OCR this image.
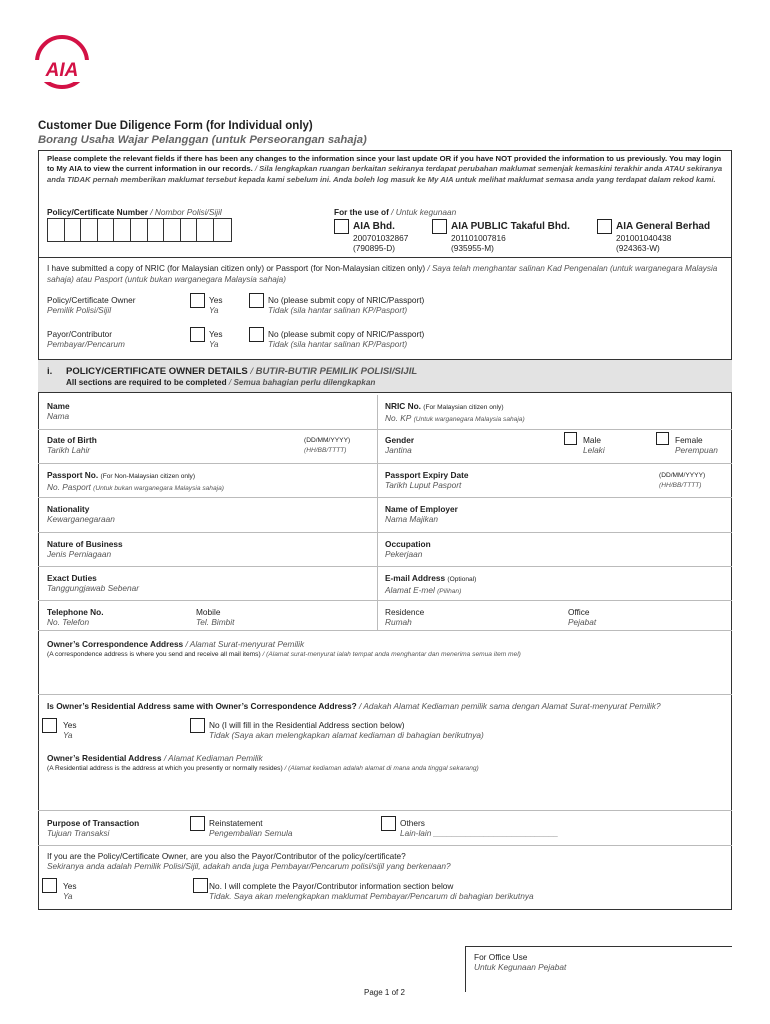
AIA
Customer Due Diligence Form (for Individual only)
Borang Usaha Wajar Pelanggan (untuk Perseorangan sahaja)
Please complete the relevant fields if there has been any changes to the information since your last update OR if you have NOT provided the information to us previously. You may login to My AIA to view the current information in our records. / Sila lengkapkan ruangan berkaitan sekiranya terdapat perubahan maklumat semenjak kemaskini terakhir anda ATAU sekiranya anda TIDAK pernah memberikan maklumat tersebut kepada kami sebelum ini. Anda boleh log masuk ke My AIA untuk melihat maklumat semasa anda yang terdapat dalam rekod kami.
Policy/Certificate Number / Nombor Polisi/Sijil	For the use of / Untuk kegunaan
AIA Bhd.
200701032867
(790895-D)
AIA PUBLIC Takaful Bhd.
201101007816
(935955-M)
AIA General Berhad
201001040438
(924363-W)
I have submitted a copy of NRIC (for Malaysian citizen only) or Passport (for Non-Malaysian citizen only) / Saya telah menghantar salinan Kad Pengenalan (untuk warganegara Malaysia sahaja) atau Pasport (untuk bukan warganegara Malaysia sahaja)
Policy/Certificate Owner
Pemilik Polisi/Sijil
Yes
Ya
No (please submit copy of NRIC/Passport)
Tidak (sila hantar salinan KP/Pasport)
Payor/Contributor
Pembayar/Pencarum
Yes
Ya
No (please submit copy of NRIC/Passport)
Tidak (sila hantar salinan KP/Pasport)
i. POLICY/CERTIFICATE OWNER DETAILS / BUTIR-BUTIR PEMILIK POLISI/SIJIL
All sections are required to be completed / Semua bahagian perlu dilengkapkan
Name
Nama
NRIC No. (For Malaysian citizen only)
No. KP (Untuk warganegara Malaysia sahaja)
Date of Birth
Tarikh Lahir
(DD/MM/YYYY)
(HH/BB/TTTT)
Gender
Jantina
Male
Lelaki
Female
Perempuan
Passport No. (For Non-Malaysian citizen only)
No. Pasport (Untuk bukan warganegara Malaysia sahaja)
Passport Expiry Date
Tarikh Luput Pasport
(DD/MM/YYYY)
(HH/BB/TTTT)
Nationality
Kewarganegaraan
Name of Employer
Nama Majikan
Nature of Business
Jenis Perniagaan
Occupation
Pekerjaan
Exact Duties
Tanggungjawab Sebenar
E-mail Address (Optional)
Alamat E-mel (Pilihan)
Telephone No.
No. Telefon
Mobile
Tel. Bimbit
Residence
Rumah
Office
Pejabat
Owner’s Correspondence Address / Alamat Surat-menyurat Pemilik
(A correspondence address is where you send and receive all mail items) / (Alamat surat-menyurat ialah tempat anda menghantar dan menerima semua item mel)
Is Owner’s Residential Address same with Owner’s Correspondence Address? / Adakah Alamat Kediaman pemilik sama dengan Alamat Surat-menyurat Pemilik?
Yes
Ya
No (I will fill in the Residential Address section below)
Tidak (Saya akan melengkapkan alamat kediaman di bahagian berikutnya)
Owner’s Residential Address / Alamat Kediaman Pemilik
(A Residential address is the address at which you presently or normally resides) / (Alamat kediaman adalah alamat di mana anda tinggal sekarang)
Purpose of Transaction
Tujuan Transaksi
Reinstatement
Pengembalian Semula
Others
Lain-lain ___________________________
If you are the Policy/Certificate Owner, are you also the Payor/Contributor of the policy/certificate?
Sekiranya anda adalah Pemilik Polisi/Sijil, adakah anda juga Pembayar/Pencarum polisi/sijil yang berkenaan?
Yes
Ya
No. I will complete the Payor/Contributor information section below
Tidak. Saya akan melengkapkan maklumat Pembayar/Pencarum di bahagian berikutnya
For Office Use
Untuk Kegunaan Pejabat
Page 1 of 2
